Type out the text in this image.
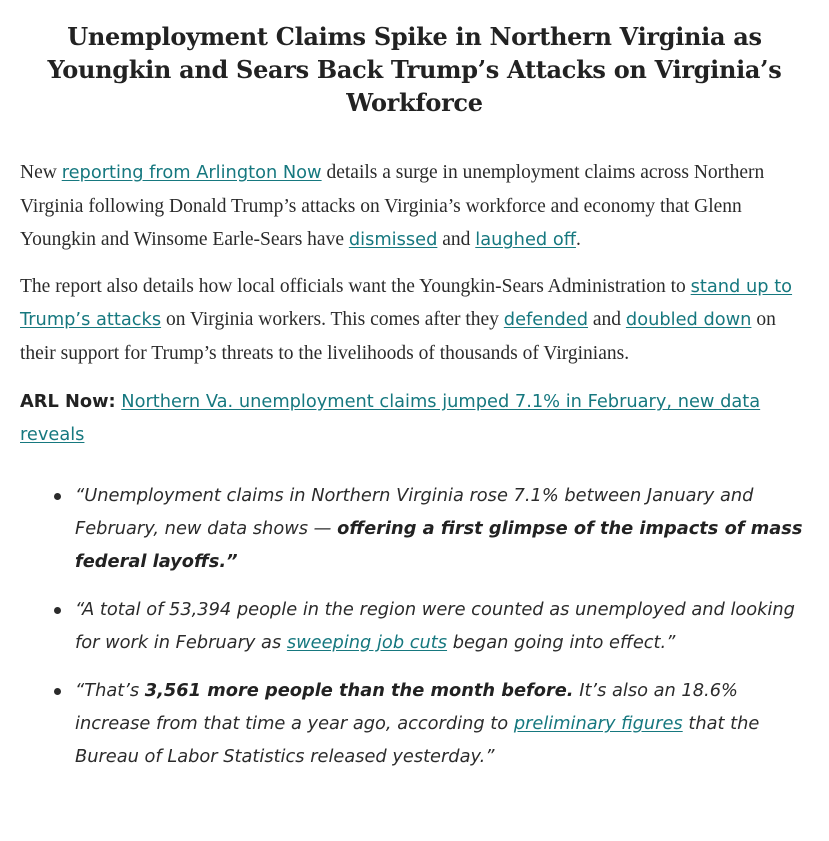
Unemployment Claims Spike in Northern Virginia as Youngkin and Sears Back Trump’s Attacks on Virginia’s Workforce

New reporting from Arlington Now details a surge in unemployment claims across Northern Virginia following Donald Trump’s attacks on Virginia’s workforce and economy that Glenn Youngkin and Winsome Earle-Sears have dismissed and laughed off.

The report also details how local officials want the Youngkin-Sears Administration to stand up to Trump’s attacks on Virginia workers. This comes after they defended and doubled down on their support for Trump’s threats to the livelihoods of thousands of Virginians.

ARL Now: Northern Va. unemployment claims jumped 7.1% in February, new data reveals

“Unemployment claims in Northern Virginia rose 7.1% between January and February, new data shows — offering a first glimpse of the impacts of mass federal layoffs.”
“A total of 53,394 people in the region were counted as unemployed and looking for work in February as sweeping job cuts began going into effect.”
“That’s 3,561 more people than the month before. It’s also an 18.6% increase from that time a year ago, according to preliminary figures that the Bureau of Labor Statistics released yesterday.”
